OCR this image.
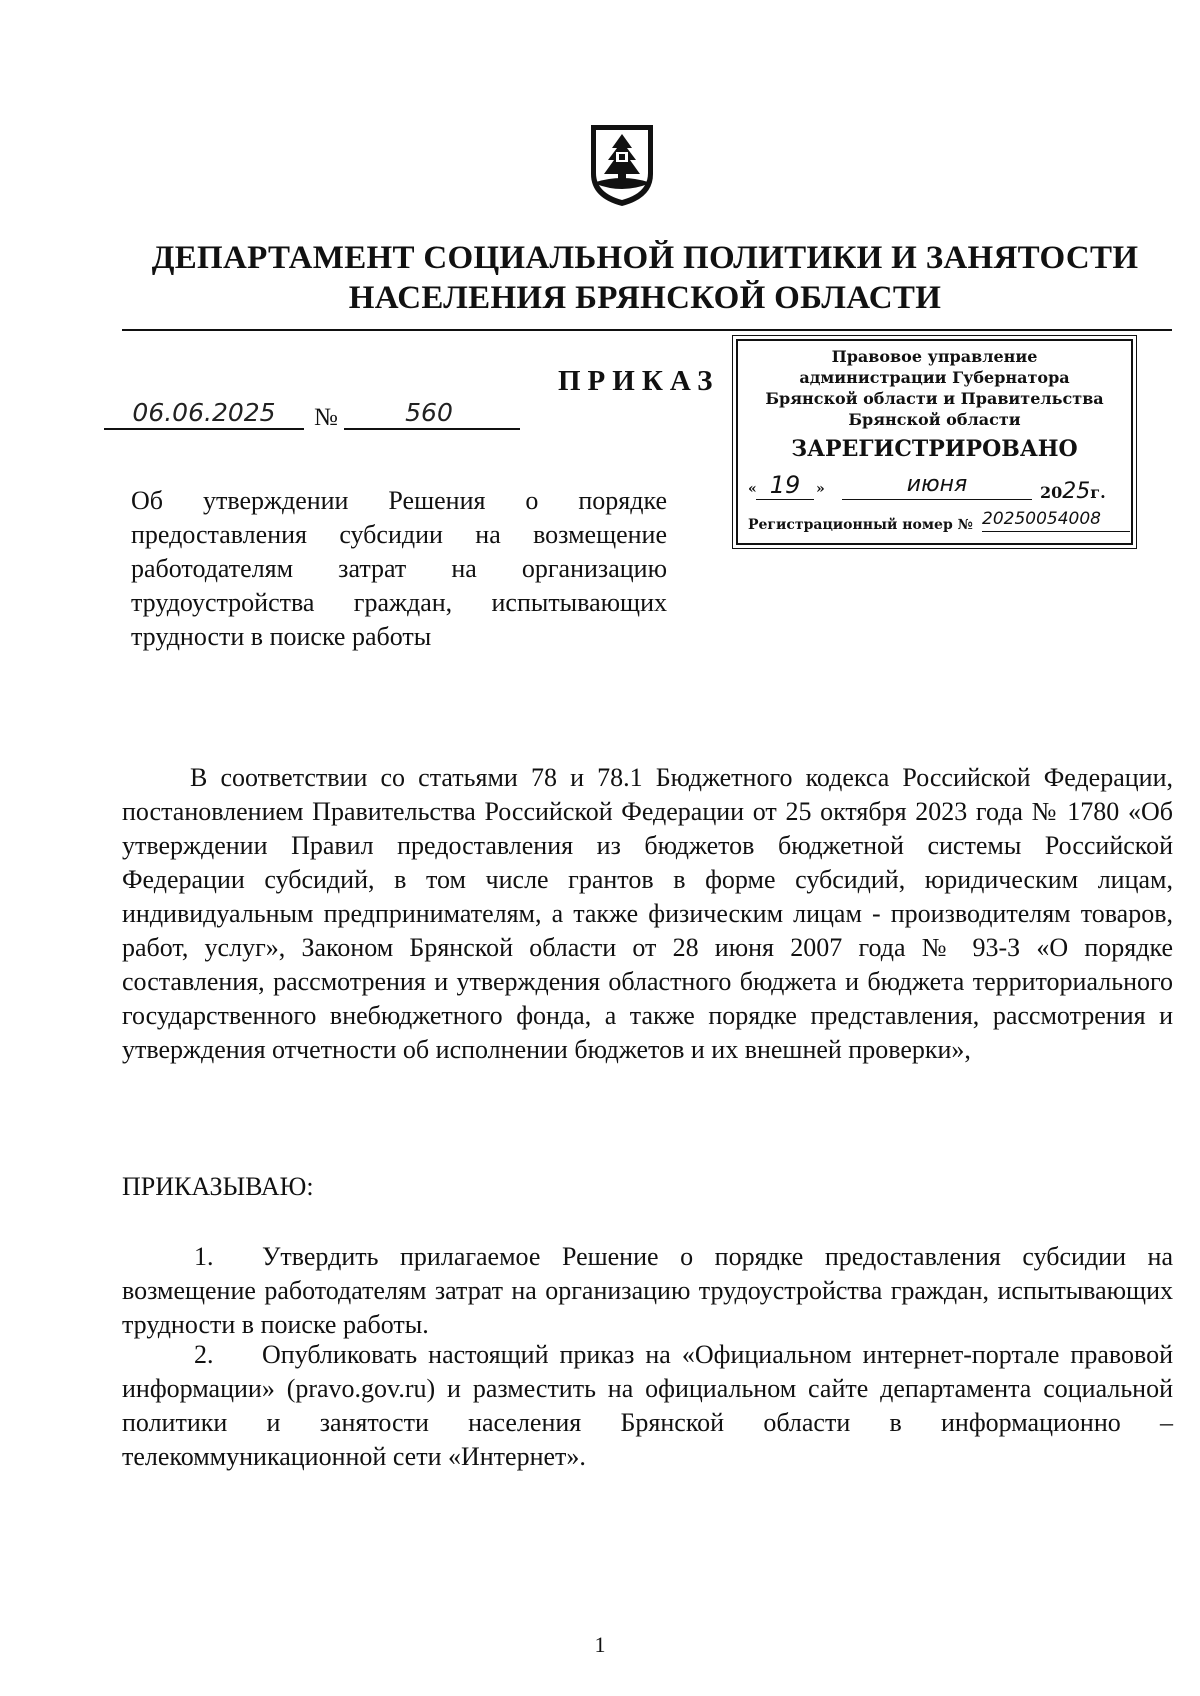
ДЕПАРТАМЕНТ СОЦИАЛЬНОЙ ПОЛИТИКИ И ЗАНЯТОСТИ
НАСЕЛЕНИЯ БРЯНСКОЙ ОБЛАСТИ
ПРИКАЗ
06.06.2025	№	560
Правовое управление
администрации Губернатора
Брянской области и Правительства
Брянской области
ЗАРЕГИСТРИРОВАНО
« 19	»	июня	2025г.
Регистрационный номер № 20250054008
Об утверждении Решения о порядке предоставления субсидии на возмещение работодателям затрат на организацию трудоустройства граждан, испытывающих трудности в поиске работы
В соответствии со статьями 78 и 78.1 Бюджетного кодекса Российской Федерации, постановлением Правительства Российской Федерации от 25 октября 2023 года № 1780 «Об утверждении Правил предоставления из бюджетов бюджетной системы Российской Федерации субсидий, в том числе грантов в форме субсидий, юридическим лицам, индивидуальным предпринимателям, а также физическим лицам - производителям товаров, работ, услуг», Законом Брянской области от 28 июня 2007 года № 93-З «О порядке составления, рассмотрения и утверждения областного бюджета и бюджета территориального государственного внебюджетного фонда, а также порядке представления, рассмотрения и утверждения отчетности об исполнении бюджетов и их внешней проверки»,
ПРИКАЗЫВАЮ:
1. Утвердить прилагаемое Решение о порядке предоставления субсидии на возмещение работодателям затрат на организацию трудоустройства граждан, испытывающих трудности в поиске работы.
2. Опубликовать настоящий приказ на «Официальном интернет-портале правовой информации» (pravo.gov.ru) и разместить на официальном сайте департамента социальной политики и занятости населения Брянской области в информационно – телекоммуникационной сети «Интернет».
1
